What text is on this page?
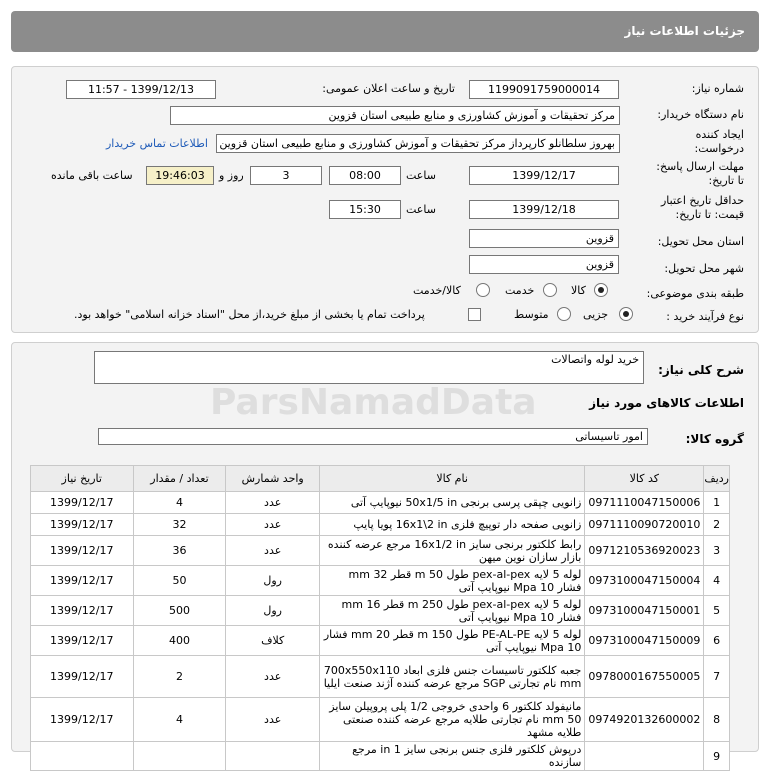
جزئیات اطلاعات نیاز
شماره نیاز:
1199091759000014
تاریخ و ساعت اعلان عمومی:
1399/12/13 - 11:57
نام دستگاه خریدار:
مرکز تحقیقات و آموزش کشاورزی و منابع طبیعی استان قزوین
ایجاد کننده درخواست:
بهروز سلطانلو کارپرداز مرکز تحقیقات و آموزش کشاورزی و منابع طبیعی استان قزوین
اطلاعات تماس خریدار
مهلت ارسال پاسخ: تا تاریخ:
1399/12/17
ساعت
08:00
3
روز و
19:46:03
ساعت باقی مانده
حداقل تاریخ اعتبار قیمت: تا تاریخ:
1399/12/18
ساعت
15:30
استان محل تحویل:
قزوین
شهر محل تحویل:
قزوین
طبقه بندی موضوعی:
کالا
خدمت
کالا/خدمت
نوع فرآیند خرید :
جزیی
متوسط
پرداخت تمام یا بخشی از مبلغ خرید،از محل "اسناد خزانه اسلامی" خواهد بود.
شرح کلی نیاز:
خرید لوله واتصالات
اطلاعات کالاهای مورد نیاز
گروه کالا:
امور تاسیساتی
ردیف	کد کالا	نام کالا	واحد شمارش	تعداد / مقدار	تاریخ نیاز
1	0971110047150006	زانویی چپقی پرسی برنجی 50x1/5 in نیوپایپ آتی	عدد	4	1399/12/17
2	0971110090720010	زانویی صفحه دار توپیچ فلزی 16x1\2 in پویا پایپ	عدد	32	1399/12/17
3	0971210536920023	رابط کلکتور برنجی سایز 16x1/2 in مرجع عرضه کننده بازار سازان نوین میهن	عدد	36	1399/12/17
4	0973100047150004	لوله 5 لایه pex-al-pex طول 50 m قطر 32 mm فشار 10 Mpa نیوپایپ آتی	رول	50	1399/12/17
5	0973100047150001	لوله 5 لایه pex-al-pex طول 250 m قطر 16 mm فشار 10 Mpa نیوپایپ آتی	رول	500	1399/12/17
6	0973100047150009	لوله 5 لایه PE-AL-PE طول 150 m قطر 20 mm فشار 10 Mpa نیوپایپ آتی	کلاف	400	1399/12/17
7	0978000167550005	جعبه کلکتور تاسیسات جنس فلزی ابعاد 700x550x110 mm نام تجارتی SGP مرجع عرضه کننده آژند صنعت ایلیا	عدد	2	1399/12/17
8	0974920132600002	مانیفولد کلکتور 6 واحدی خروجی 1/2 پلی پروپیلن سایز 50 mm نام تجارتی طلایه مرجع عرضه کننده صنعتی طلایه مشهد	عدد	4	1399/12/17
9		درپوش کلکتور فلزی جنس برنجی سایز 1 in مرجع سازنده			
ParsNamadData
